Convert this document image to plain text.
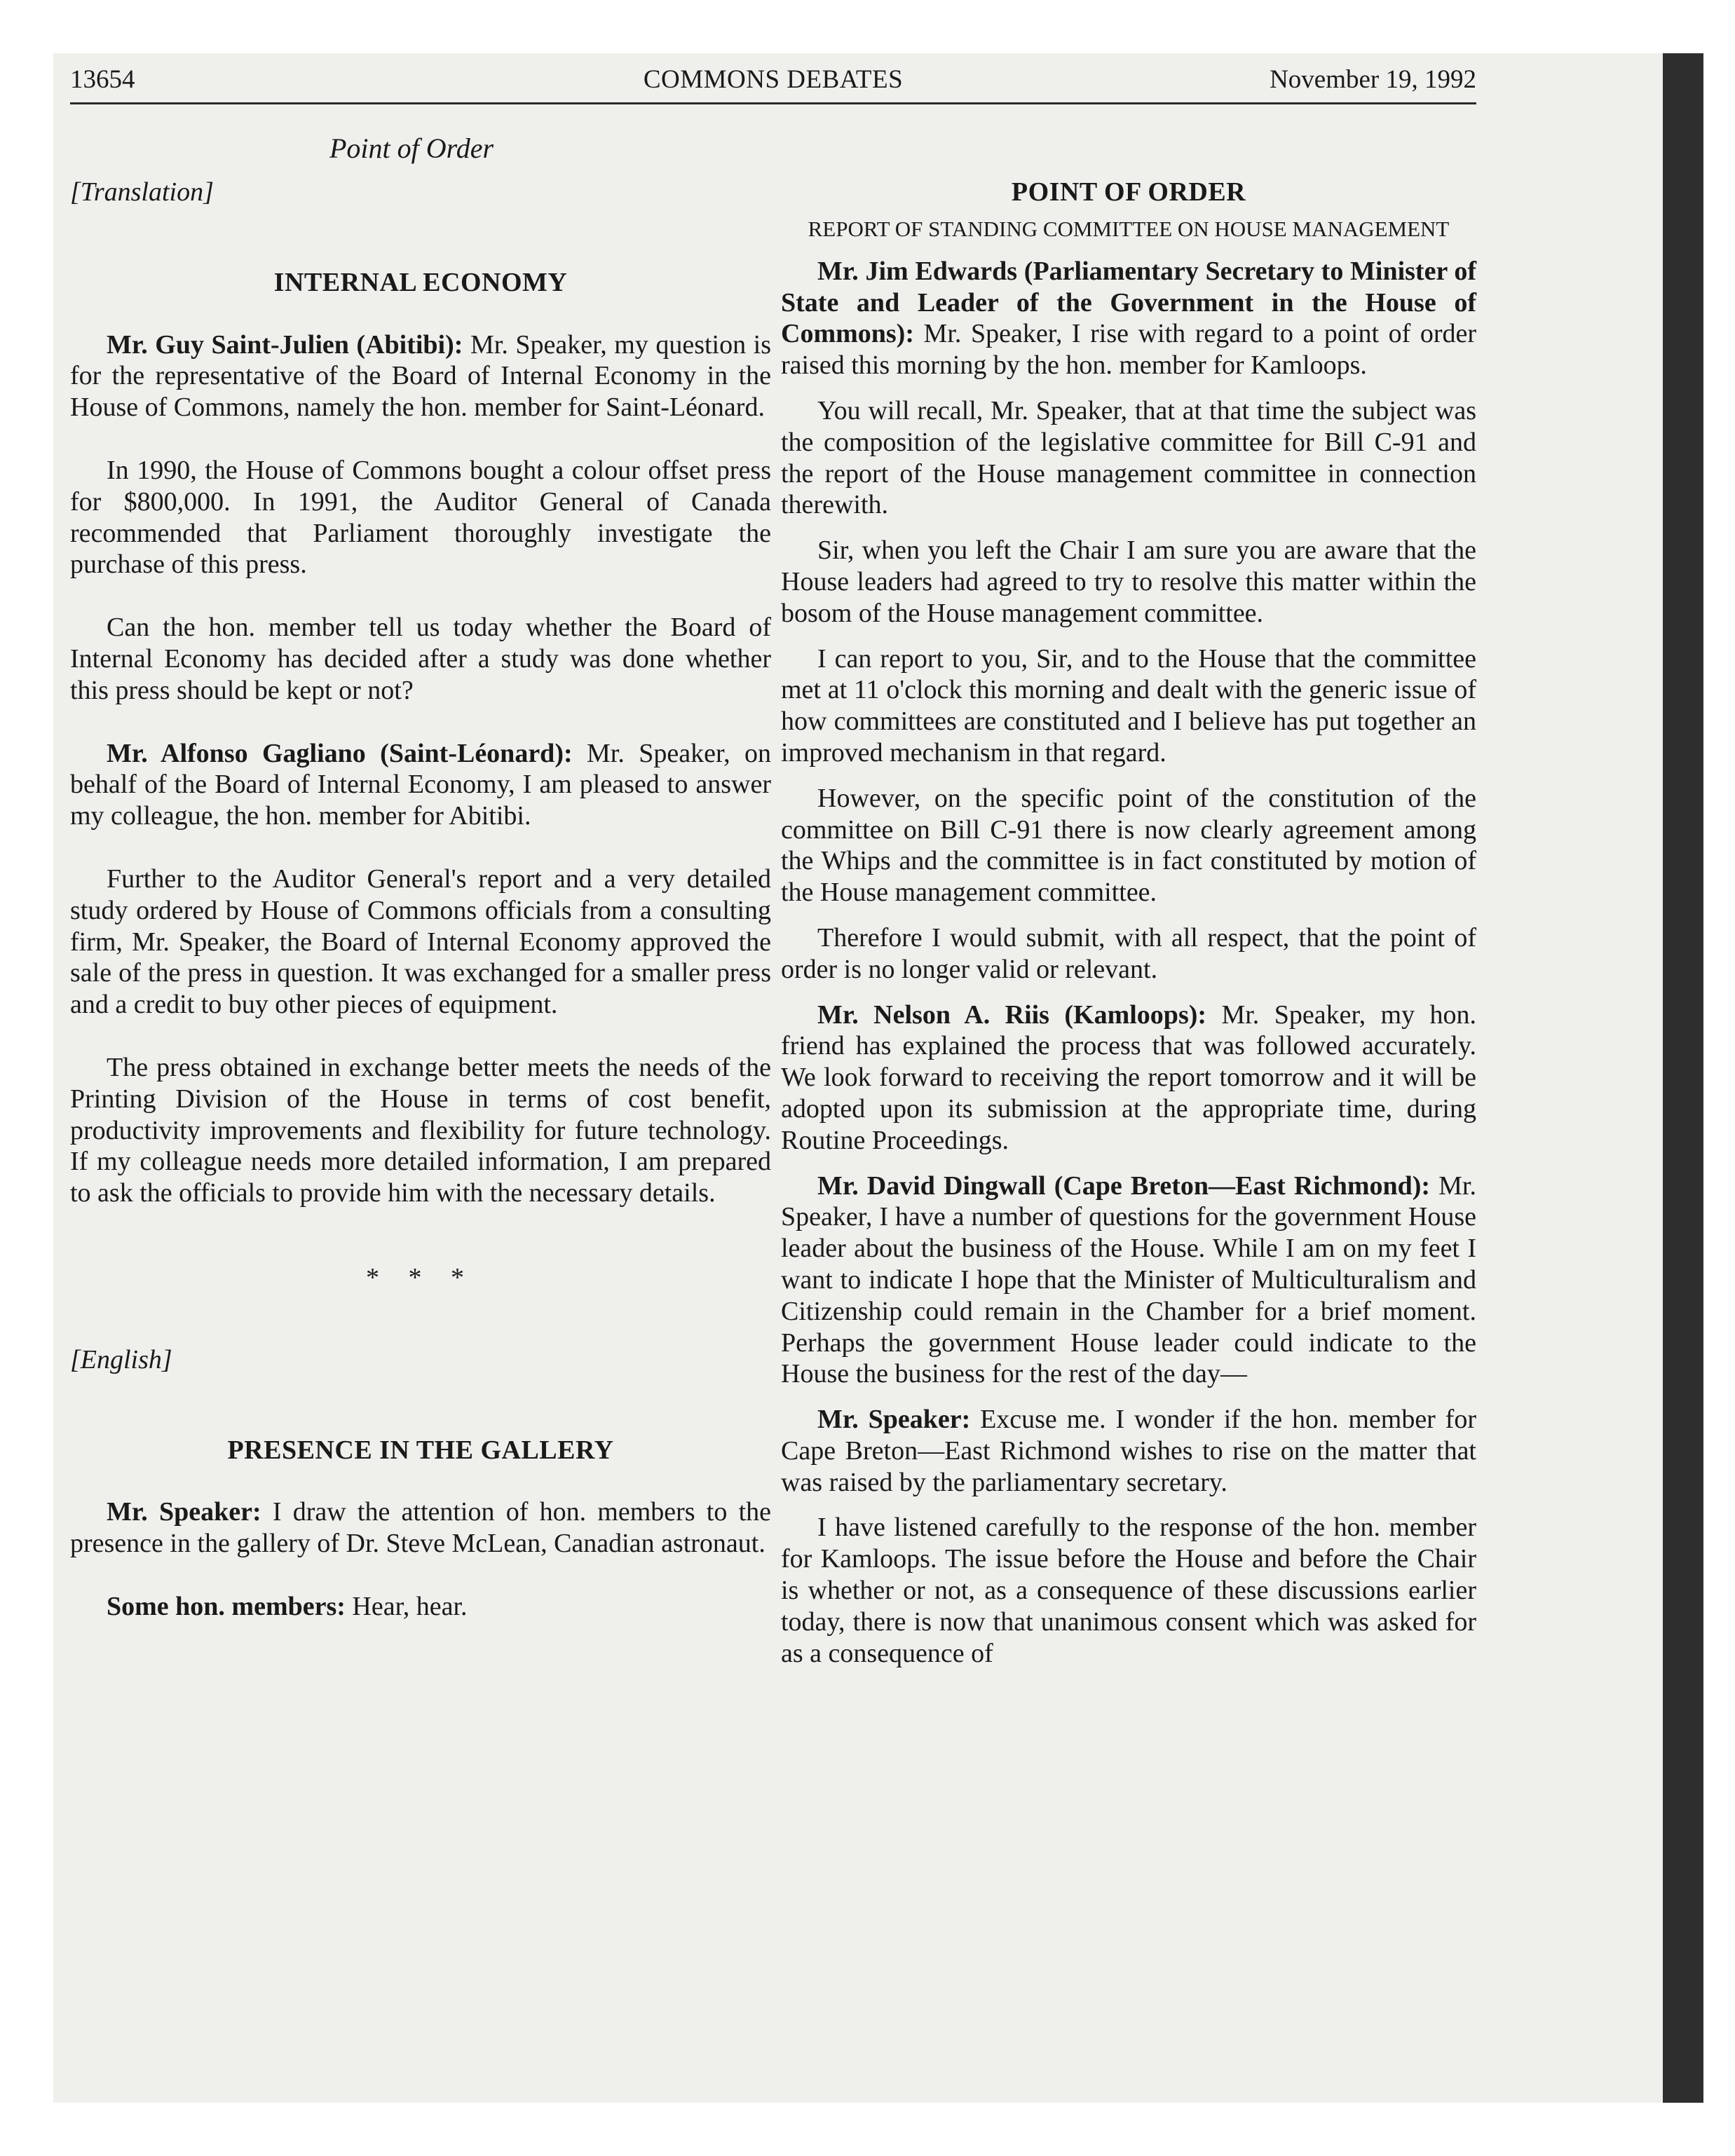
13654	COMMONS DEBATES	November 19, 1992
Point of Order

[Translation]

INTERNAL ECONOMY

Mr. Guy Saint-Julien (Abitibi): Mr. Speaker, my question is for the representative of the Board of Internal Economy in the House of Commons, namely the hon. member for Saint-Léonard.

In 1990, the House of Commons bought a colour offset press for $800,000. In 1991, the Auditor General of Canada recommended that Parliament thoroughly investigate the purchase of this press.

Can the hon. member tell us today whether the Board of Internal Economy has decided after a study was done whether this press should be kept or not?

Mr. Alfonso Gagliano (Saint-Léonard): Mr. Speaker, on behalf of the Board of Internal Economy, I am pleased to answer my colleague, the hon. member for Abitibi.

Further to the Auditor General's report and a very detailed study ordered by House of Commons officials from a consulting firm, Mr. Speaker, the Board of Internal Economy approved the sale of the press in question. It was exchanged for a smaller press and a credit to buy other pieces of equipment.

The press obtained in exchange better meets the needs of the Printing Division of the House in terms of cost benefit, productivity improvements and flexibility for future technology. If my colleague needs more detailed information, I am prepared to ask the officials to provide him with the necessary details.

* * *

[English]

PRESENCE IN THE GALLERY

Mr. Speaker: I draw the attention of hon. members to the presence in the gallery of Dr. Steve McLean, Canadian astronaut.

Some hon. members: Hear, hear.

POINT OF ORDER

REPORT OF STANDING COMMITTEE ON HOUSE MANAGEMENT

Mr. Jim Edwards (Parliamentary Secretary to Minister of State and Leader of the Government in the House of Commons): Mr. Speaker, I rise with regard to a point of order raised this morning by the hon. member for Kamloops.

You will recall, Mr. Speaker, that at that time the subject was the composition of the legislative committee for Bill C-91 and the report of the House management committee in connection therewith.

Sir, when you left the Chair I am sure you are aware that the House leaders had agreed to try to resolve this matter within the bosom of the House management committee.

I can report to you, Sir, and to the House that the committee met at 11 o'clock this morning and dealt with the generic issue of how committees are constituted and I believe has put together an improved mechanism in that regard.

However, on the specific point of the constitution of the committee on Bill C-91 there is now clearly agreement among the Whips and the committee is in fact constituted by motion of the House management committee.

Therefore I would submit, with all respect, that the point of order is no longer valid or relevant.

Mr. Nelson A. Riis (Kamloops): Mr. Speaker, my hon. friend has explained the process that was followed accurately. We look forward to receiving the report tomorrow and it will be adopted upon its submission at the appropriate time, during Routine Proceedings.

Mr. David Dingwall (Cape Breton—East Richmond): Mr. Speaker, I have a number of questions for the government House leader about the business of the House. While I am on my feet I want to indicate I hope that the Minister of Multiculturalism and Citizenship could remain in the Chamber for a brief moment. Perhaps the government House leader could indicate to the House the business for the rest of the day—

Mr. Speaker: Excuse me. I wonder if the hon. member for Cape Breton—East Richmond wishes to rise on the matter that was raised by the parliamentary secretary.

I have listened carefully to the response of the hon. member for Kamloops. The issue before the House and before the Chair is whether or not, as a consequence of these discussions earlier today, there is now that unanimous consent which was asked for as a consequence of
